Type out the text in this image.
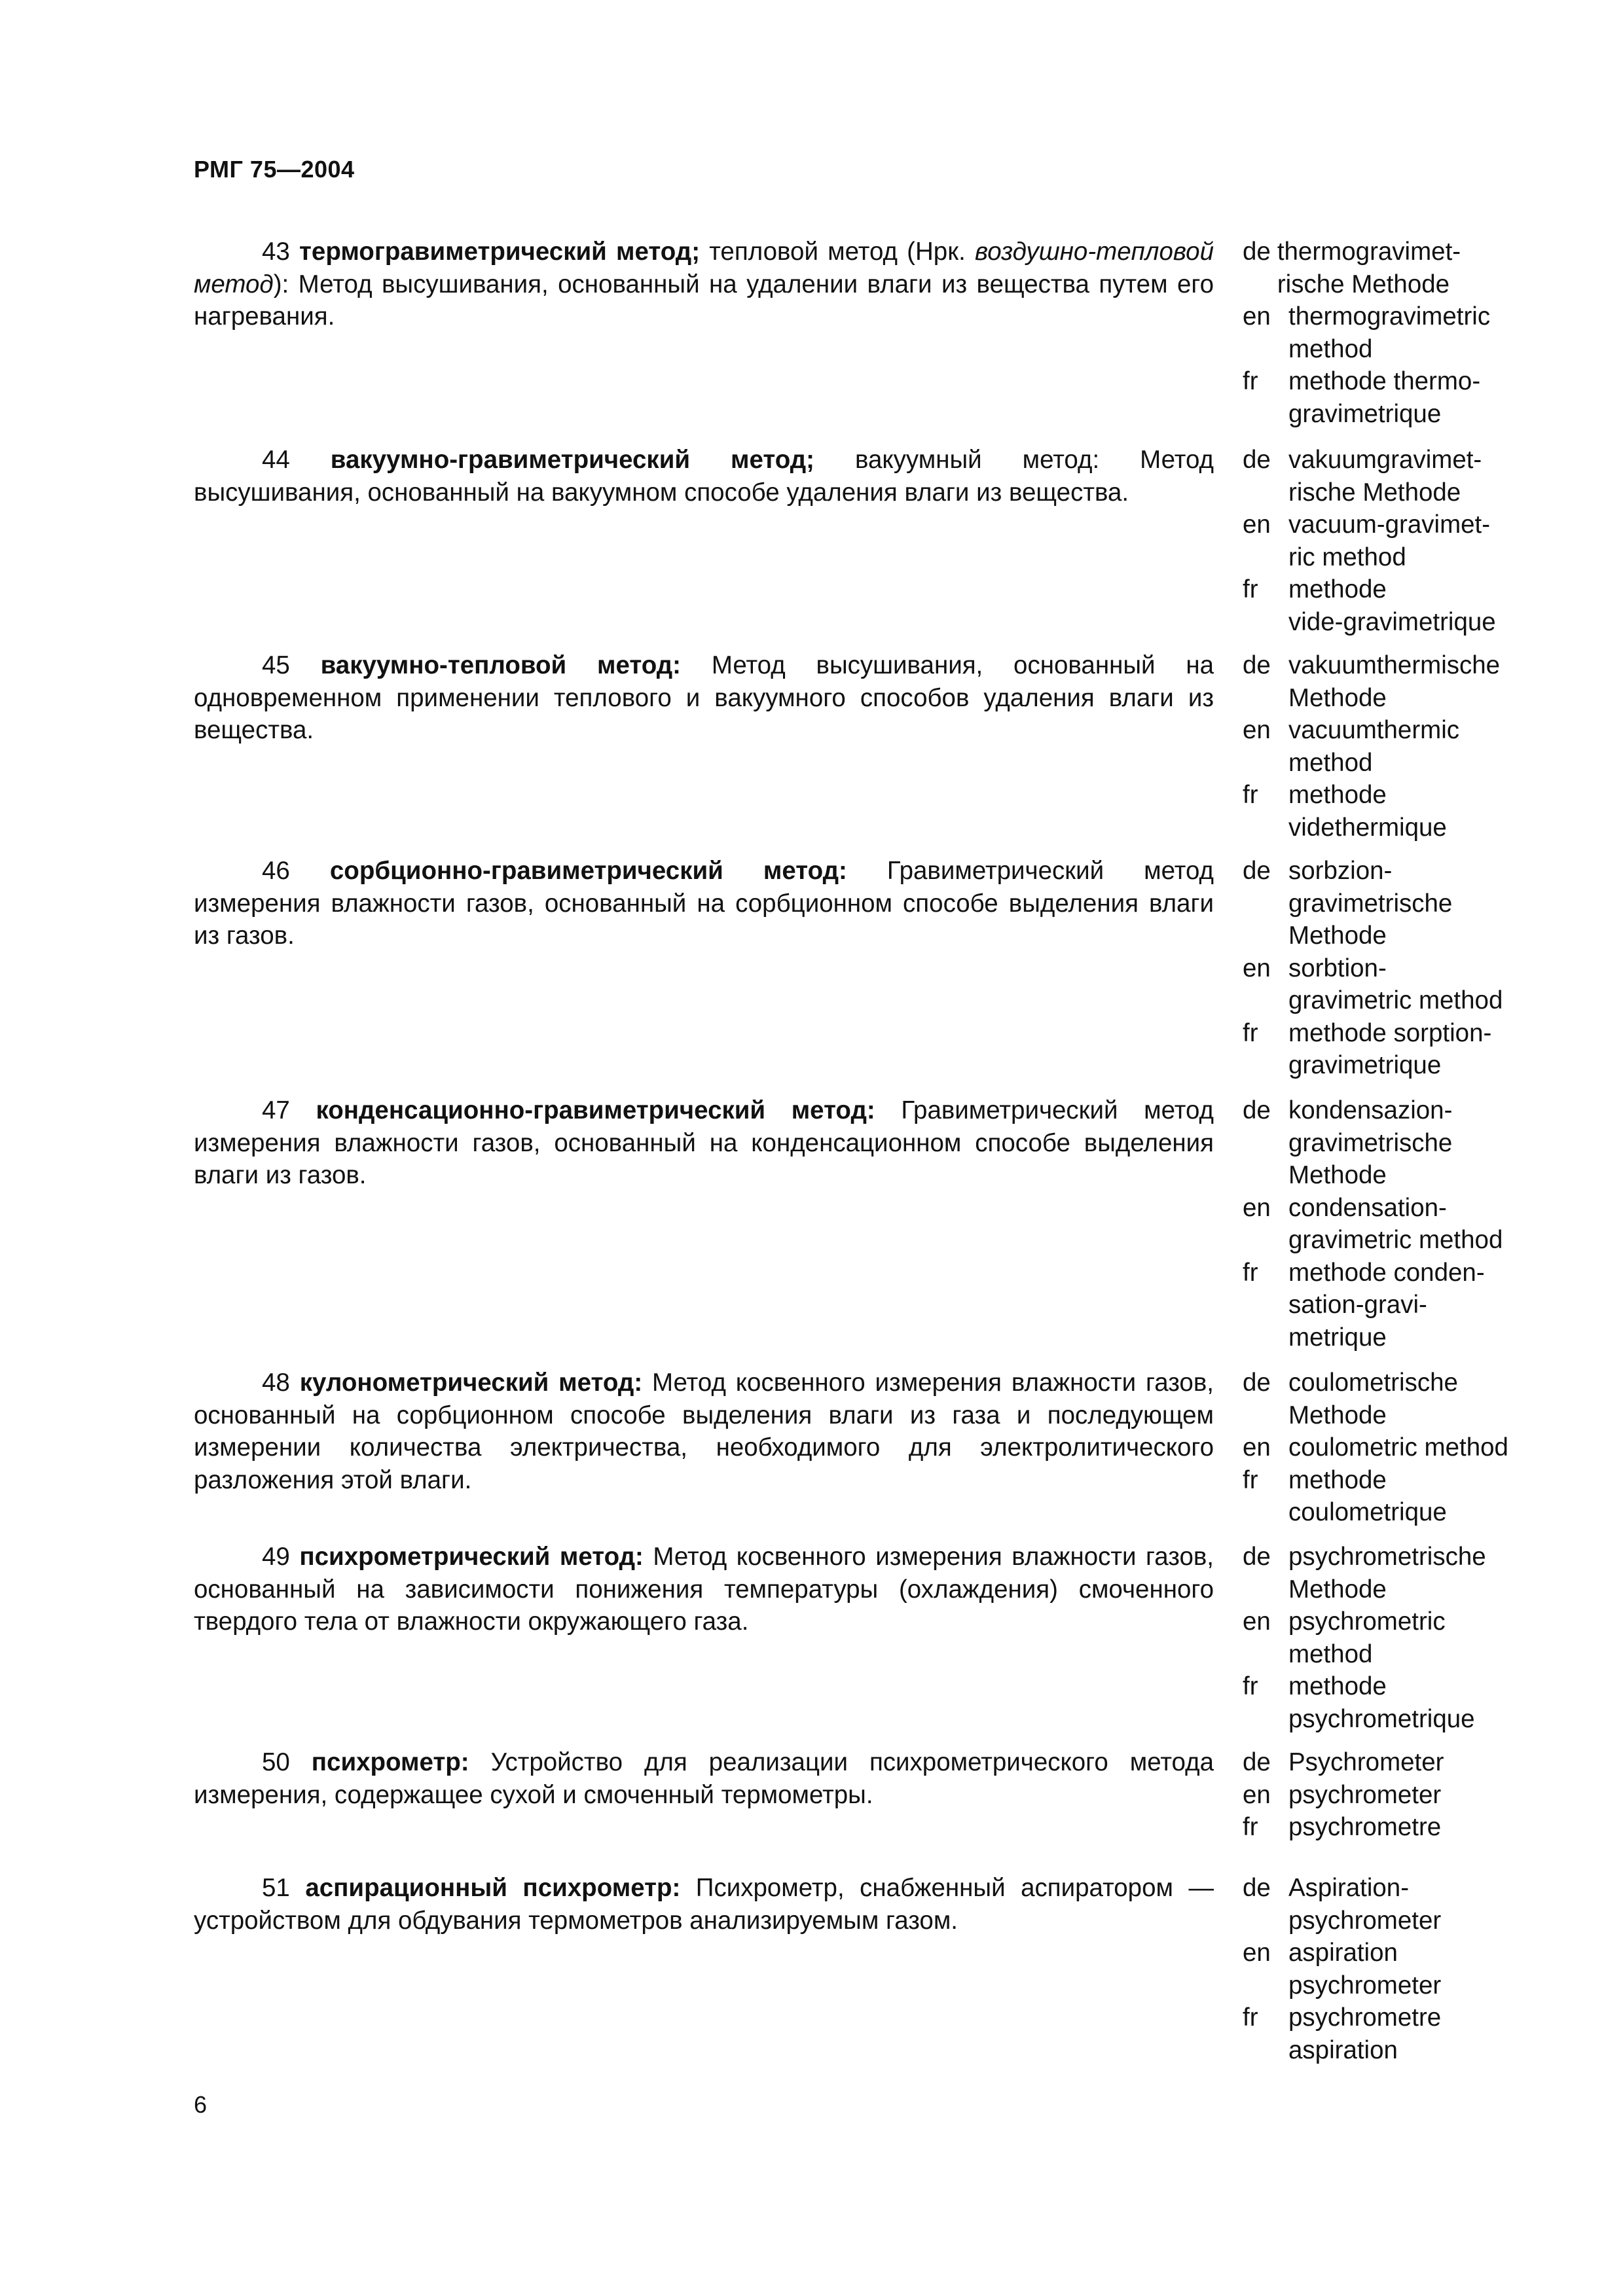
РМГ 75—2004

43 термогравиметрический метод; тепловой метод (Нрк. воздушно-тепловой метод): Метод высушивания, основанный на удалении влаги из вещества путем его нагревания.

de thermogravimet-
rische Methode
en thermogravimetric
method
fr	methode thermo-
gravimetrique

44 вакуумно-гравиметрический метод; вакуумный метод: Метод высушивания, основанный на вакуумном способе удаления влаги из вещества.

de vakuumgravimet-
rische Methode
en vacuum-gravimet-
ric method
fr	methode
vide-gravimetrique

45 вакуумно-тепловой метод: Метод высушивания, основанный на одновременном применении теплового и вакуумного способов удаления влаги из вещества.

de vakuumthermische
Methode
en vacuumthermic
method
fr	methode
videthermique

46 сорбционно-гравиметрический метод: Гравиметрический метод измерения влажности газов, основанный на сорбционном способе выделения влаги из газов.

de sorbzion-
gravimetrische
Methode
en sorbtion-
gravimetric method
fr	methode sorption-
gravimetrique

47 конденсационно-гравиметрический метод: Гравиметрический метод измерения влажности газов, основанный на конденсационном способе выделения влаги из газов.

de kondensazion-
gravimetrische
Methode
en condensation-
gravimetric method
fr	methode conden-
sation-gravi-
metrique

48 кулонометрический метод: Метод косвенного измерения влажности газов, основанный на сорбционном способе выделения влаги из газа и последующем измерении количества электричества, необходимого для электролитического разложения этой влаги.

de coulometrische
Methode
en coulometric method
fr	methode
coulometrique

49 психрометрический метод: Метод косвенного измерения влажности газов, основанный на зависимости понижения температуры (охлаждения) смоченного твердого тела от влажности окружающего газа.

de psychrometrische
Methode
en psychrometric
method
fr	methode
psychrometrique

50 психрометр: Устройство для реализации психрометрического метода измерения, содержащее сухой и смоченный термометры.

de Psychrometer
en psychrometer
fr	psychrometre

51 аспирационный психрометр: Психрометр, снабженный аспиратором — устройством для обдувания термометров анализируемым газом.

de Aspiration-
psychrometer
en aspiration
psychrometer
fr	psychrometre
aspiration
6
